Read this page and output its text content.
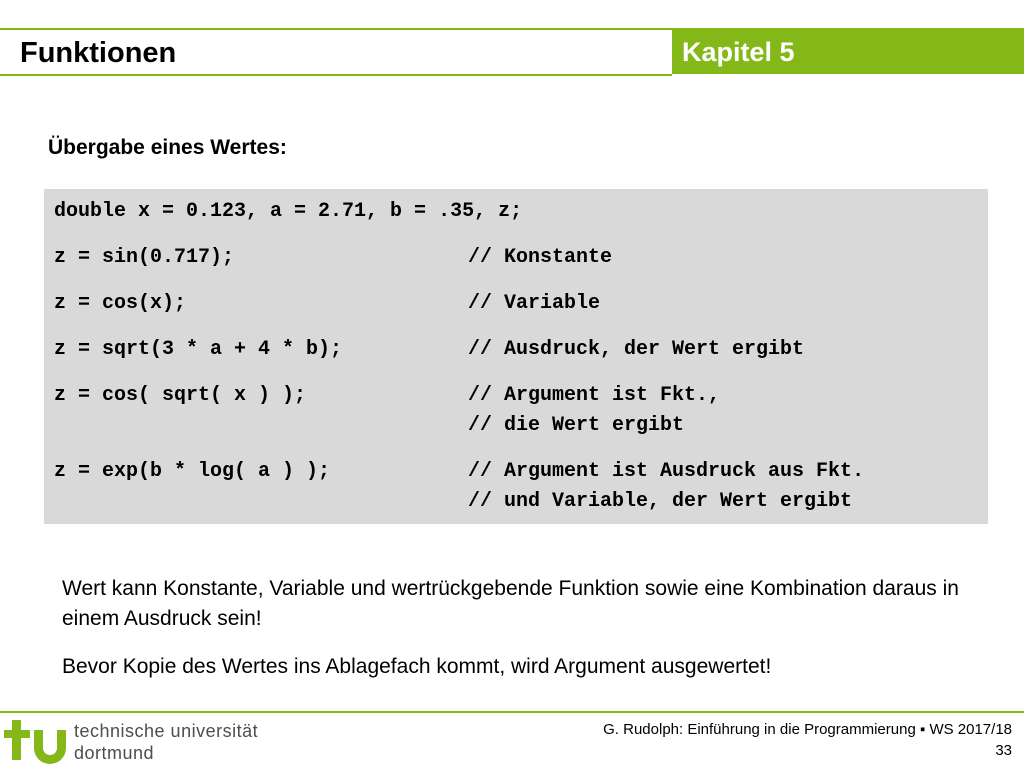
Funktionen	Kapitel 5
Übergabe eines Wertes:
double x = 0.123, a = 2.71, b = .35, z;
z = sin(0.717);	// Konstante
z = cos(x);	// Variable
z = sqrt(3 * a + 4 * b);	// Ausdruck, der Wert ergibt
z = cos( sqrt( x ) );	// Argument ist Fkt.,
// die Wert ergibt
z = exp(b * log( a ) );	// Argument ist Ausdruck aus Fkt.
// und Variable, der Wert ergibt

Wert kann Konstante, Variable und wertrückgebende Funktion sowie eine Kombination daraus in einem Ausdruck sein!

Bevor Kopie des Wertes ins Ablagefach kommt, wird Argument ausgewertet!

technische universität
dortmund
G. Rudolph: Einführung in die Programmierung ▪ WS 2017/18
33
